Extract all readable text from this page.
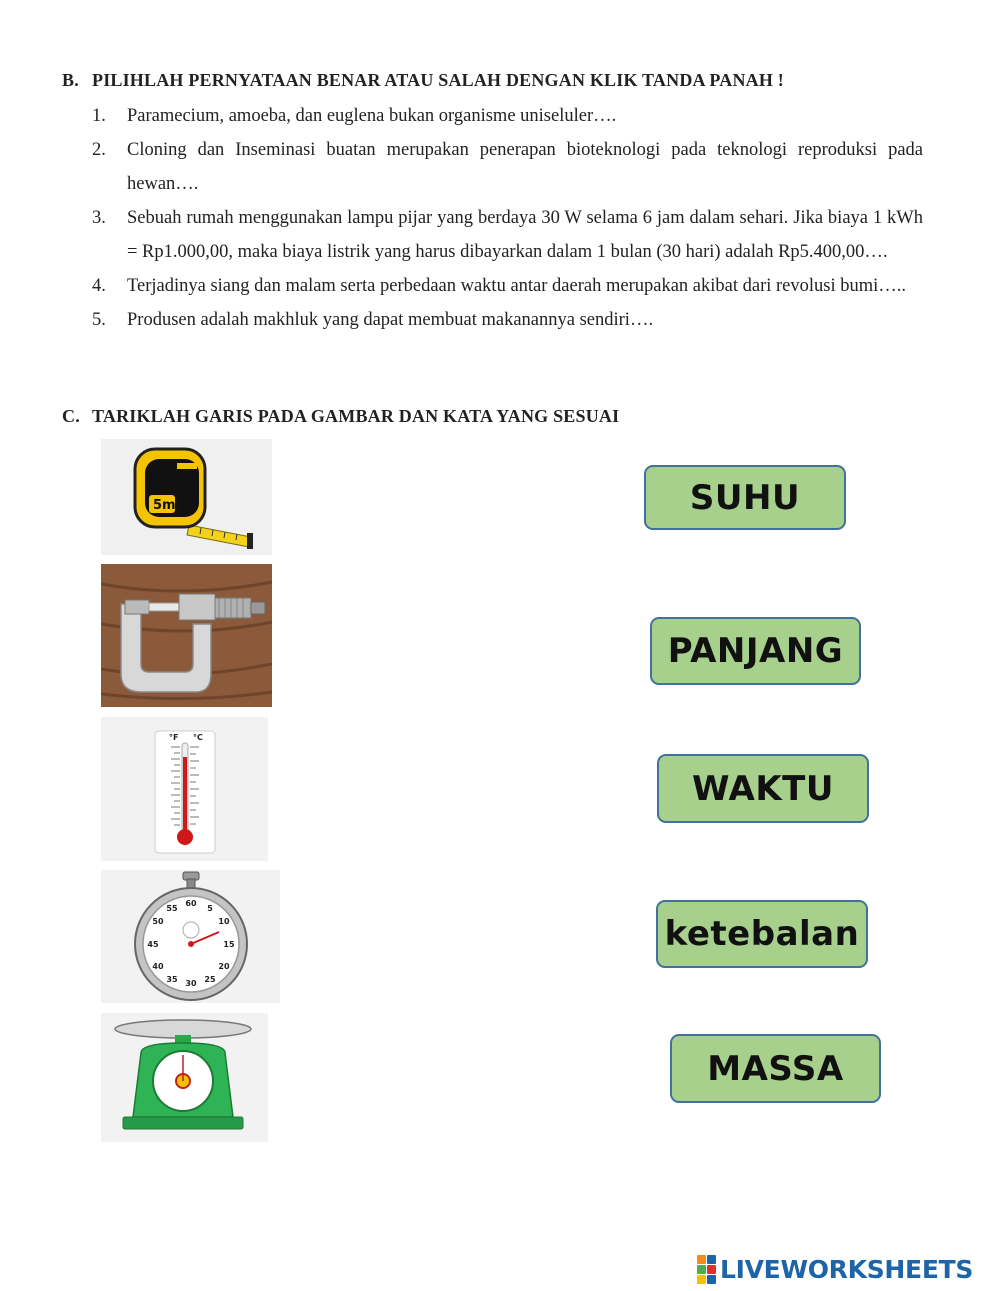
B. PILIHLAH PERNYATAAN BENAR ATAU SALAH DENGAN KLIK TANDA PANAH !
1. Paramecium, amoeba, dan euglena bukan organisme uniseluler….
2. Cloning dan Inseminasi buatan merupakan penerapan bioteknologi pada teknologi reproduksi pada hewan….
3. Sebuah rumah menggunakan lampu pijar yang berdaya 30 W selama 6 jam dalam sehari. Jika biaya 1 kWh = Rp1.000,00, maka biaya listrik yang harus dibayarkan dalam 1 bulan (30 hari) adalah Rp5.400,00….
4. Terjadinya siang dan malam serta perbedaan waktu antar daerah merupakan akibat dari revolusi bumi…..
5. Produsen adalah makhluk yang dapat membuat makanannya sendiri….
C. TARIKLAH GARIS PADA GAMBAR DAN KATA YANG SESUAI
5m
°F °C
60
5
10
15
20
25
30
35
40
45
50
55
SUHU
PANJANG
WAKTU
ketebalan
MASSA
LIVEWORKSHEETS
